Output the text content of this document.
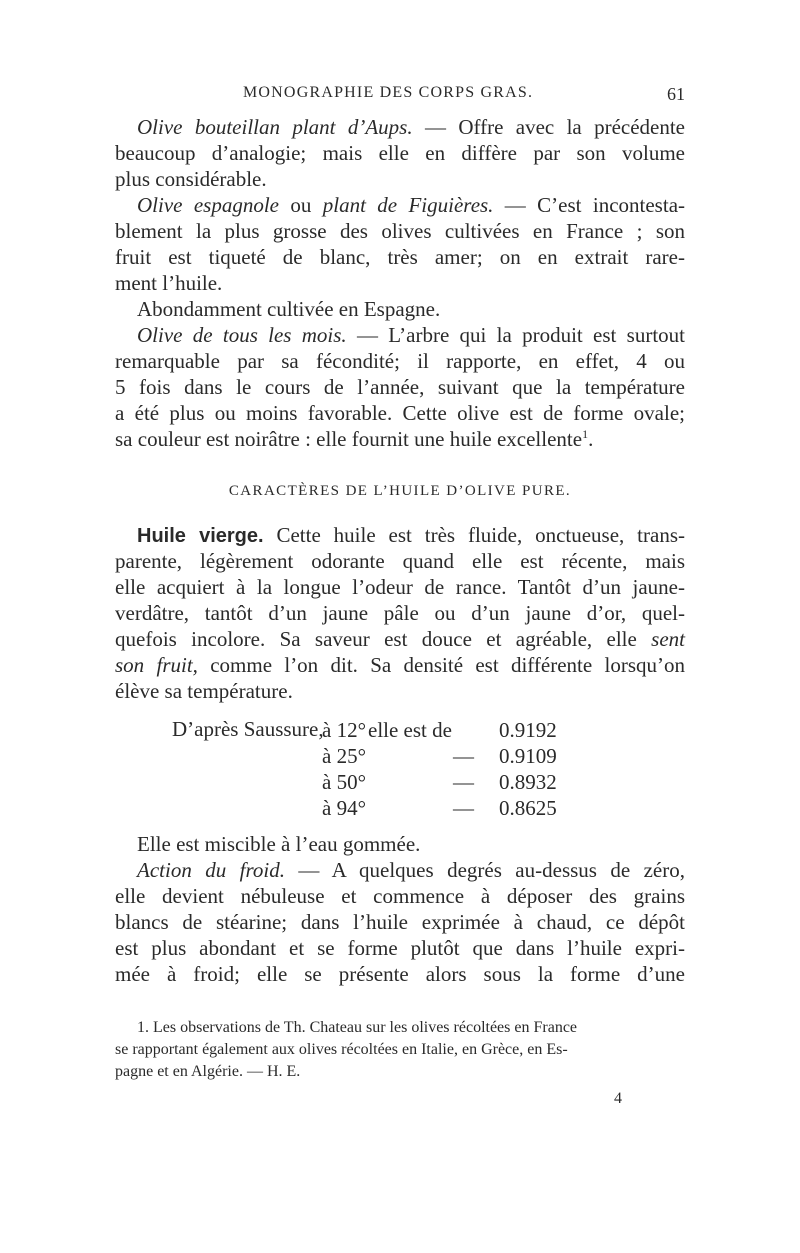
MONOGRAPHIE DES CORPS GRAS.	61
Olive bouteillan plant d’Aups. — Offre avec la précédente
beaucoup d’analogie; mais elle en diffère par son volume
plus considérable.
Olive espagnole ou plant de Figuières. — C’est incontesta-
blement la plus grosse des olives cultivées en France ; son
fruit est tiqueté de blanc, très amer; on en extrait rare-
ment l’huile.
Abondamment cultivée en Espagne.
Olive de tous les mois. — L’arbre qui la produit est surtout
remarquable par sa fécondité; il rapporte, en effet, 4 ou
5 fois dans le cours de l’année, suivant que la température
a été plus ou moins favorable. Cette olive est de forme ovale;
sa couleur est noirâtre : elle fournit une huile excellente$^1$.
CARACTÈRES DE L’HUILE D’OLIVE PURE.
Huile vierge. Cette huile est très fluide, onctueuse, trans-
parente, légèrement odorante quand elle est récente, mais
elle acquiert à la longue l’odeur de rance. Tantôt d’un jaune-
verdâtre, tantôt d’un jaune pâle ou d’un jaune d’or, quel-
quefois incolore. Sa saveur est douce et agréable, elle sent
son fruit, comme l’on dit. Sa densité est différente lorsqu’on
élève sa température.
D’après Saussure,
à 12° elle est de 0.9192
à 25°	— 0.9109
à 50°	— 0.8932
à 94°	— 0.8625
Elle est miscible à l’eau gommée.
Action du froid. — A quelques degrés au-dessus de zéro,
elle devient nébuleuse et commence à déposer des grains
blancs de stéarine; dans l’huile exprimée à chaud, ce dépôt
est plus abondant et se forme plutôt que dans l’huile expri-
mée à froid; elle se présente alors sous la forme d’une
1. Les observations de Th. Chateau sur les olives récoltées en France
se rapportant également aux olives récoltées en Italie, en Grèce, en Es-
pagne et en Algérie. — H. E.
4
